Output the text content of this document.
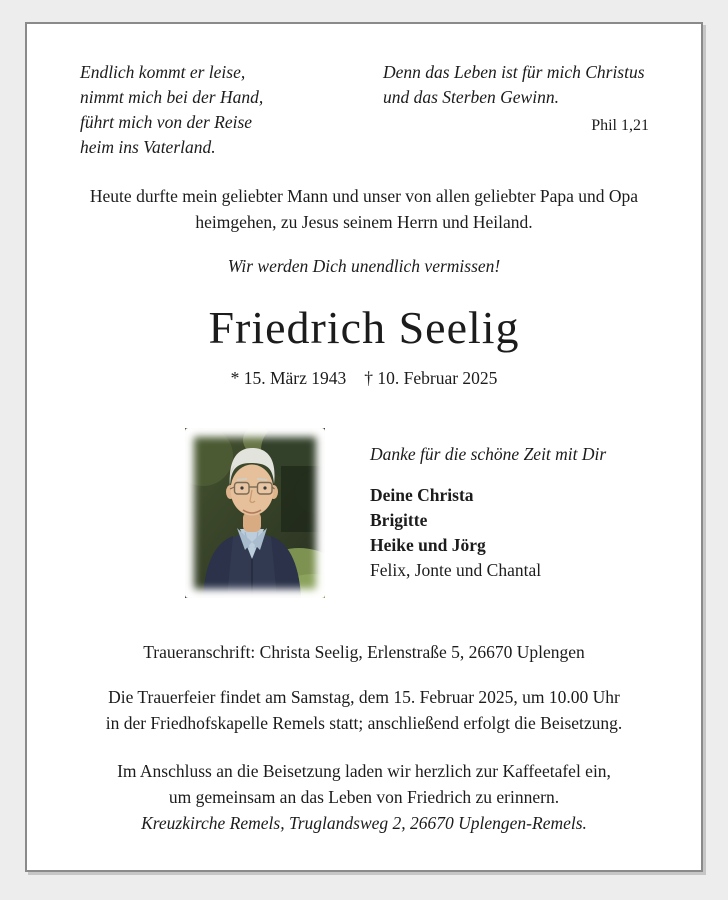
Endlich kommt er leise,
nimmt mich bei der Hand,
führt mich von der Reise
heim ins Vaterland.
Denn das Leben ist für mich Christus
und das Sterben Gewinn.
Phil 1,21
Heute durfte mein geliebter Mann und unser von allen geliebter Papa und Opa
heimgehen, zu Jesus seinem Herrn und Heiland.
Wir werden Dich unendlich vermissen!
Friedrich Seelig
* 15. März 1943 † 10. Februar 2025
Danke für die schöne Zeit mit Dir
Deine Christa
Brigitte
Heike und Jörg
Felix, Jonte und Chantal
Traueranschrift: Christa Seelig, Erlenstraße 5, 26670 Uplengen
Die Trauerfeier findet am Samstag, dem 15. Februar 2025, um 10.00 Uhr
in der Friedhofskapelle Remels statt; anschließend erfolgt die Beisetzung.
Im Anschluss an die Beisetzung laden wir herzlich zur Kaffeetafel ein,
um gemeinsam an das Leben von Friedrich zu erinnern.
Kreuzkirche Remels, Truglandsweg 2, 26670 Uplengen-Remels.
